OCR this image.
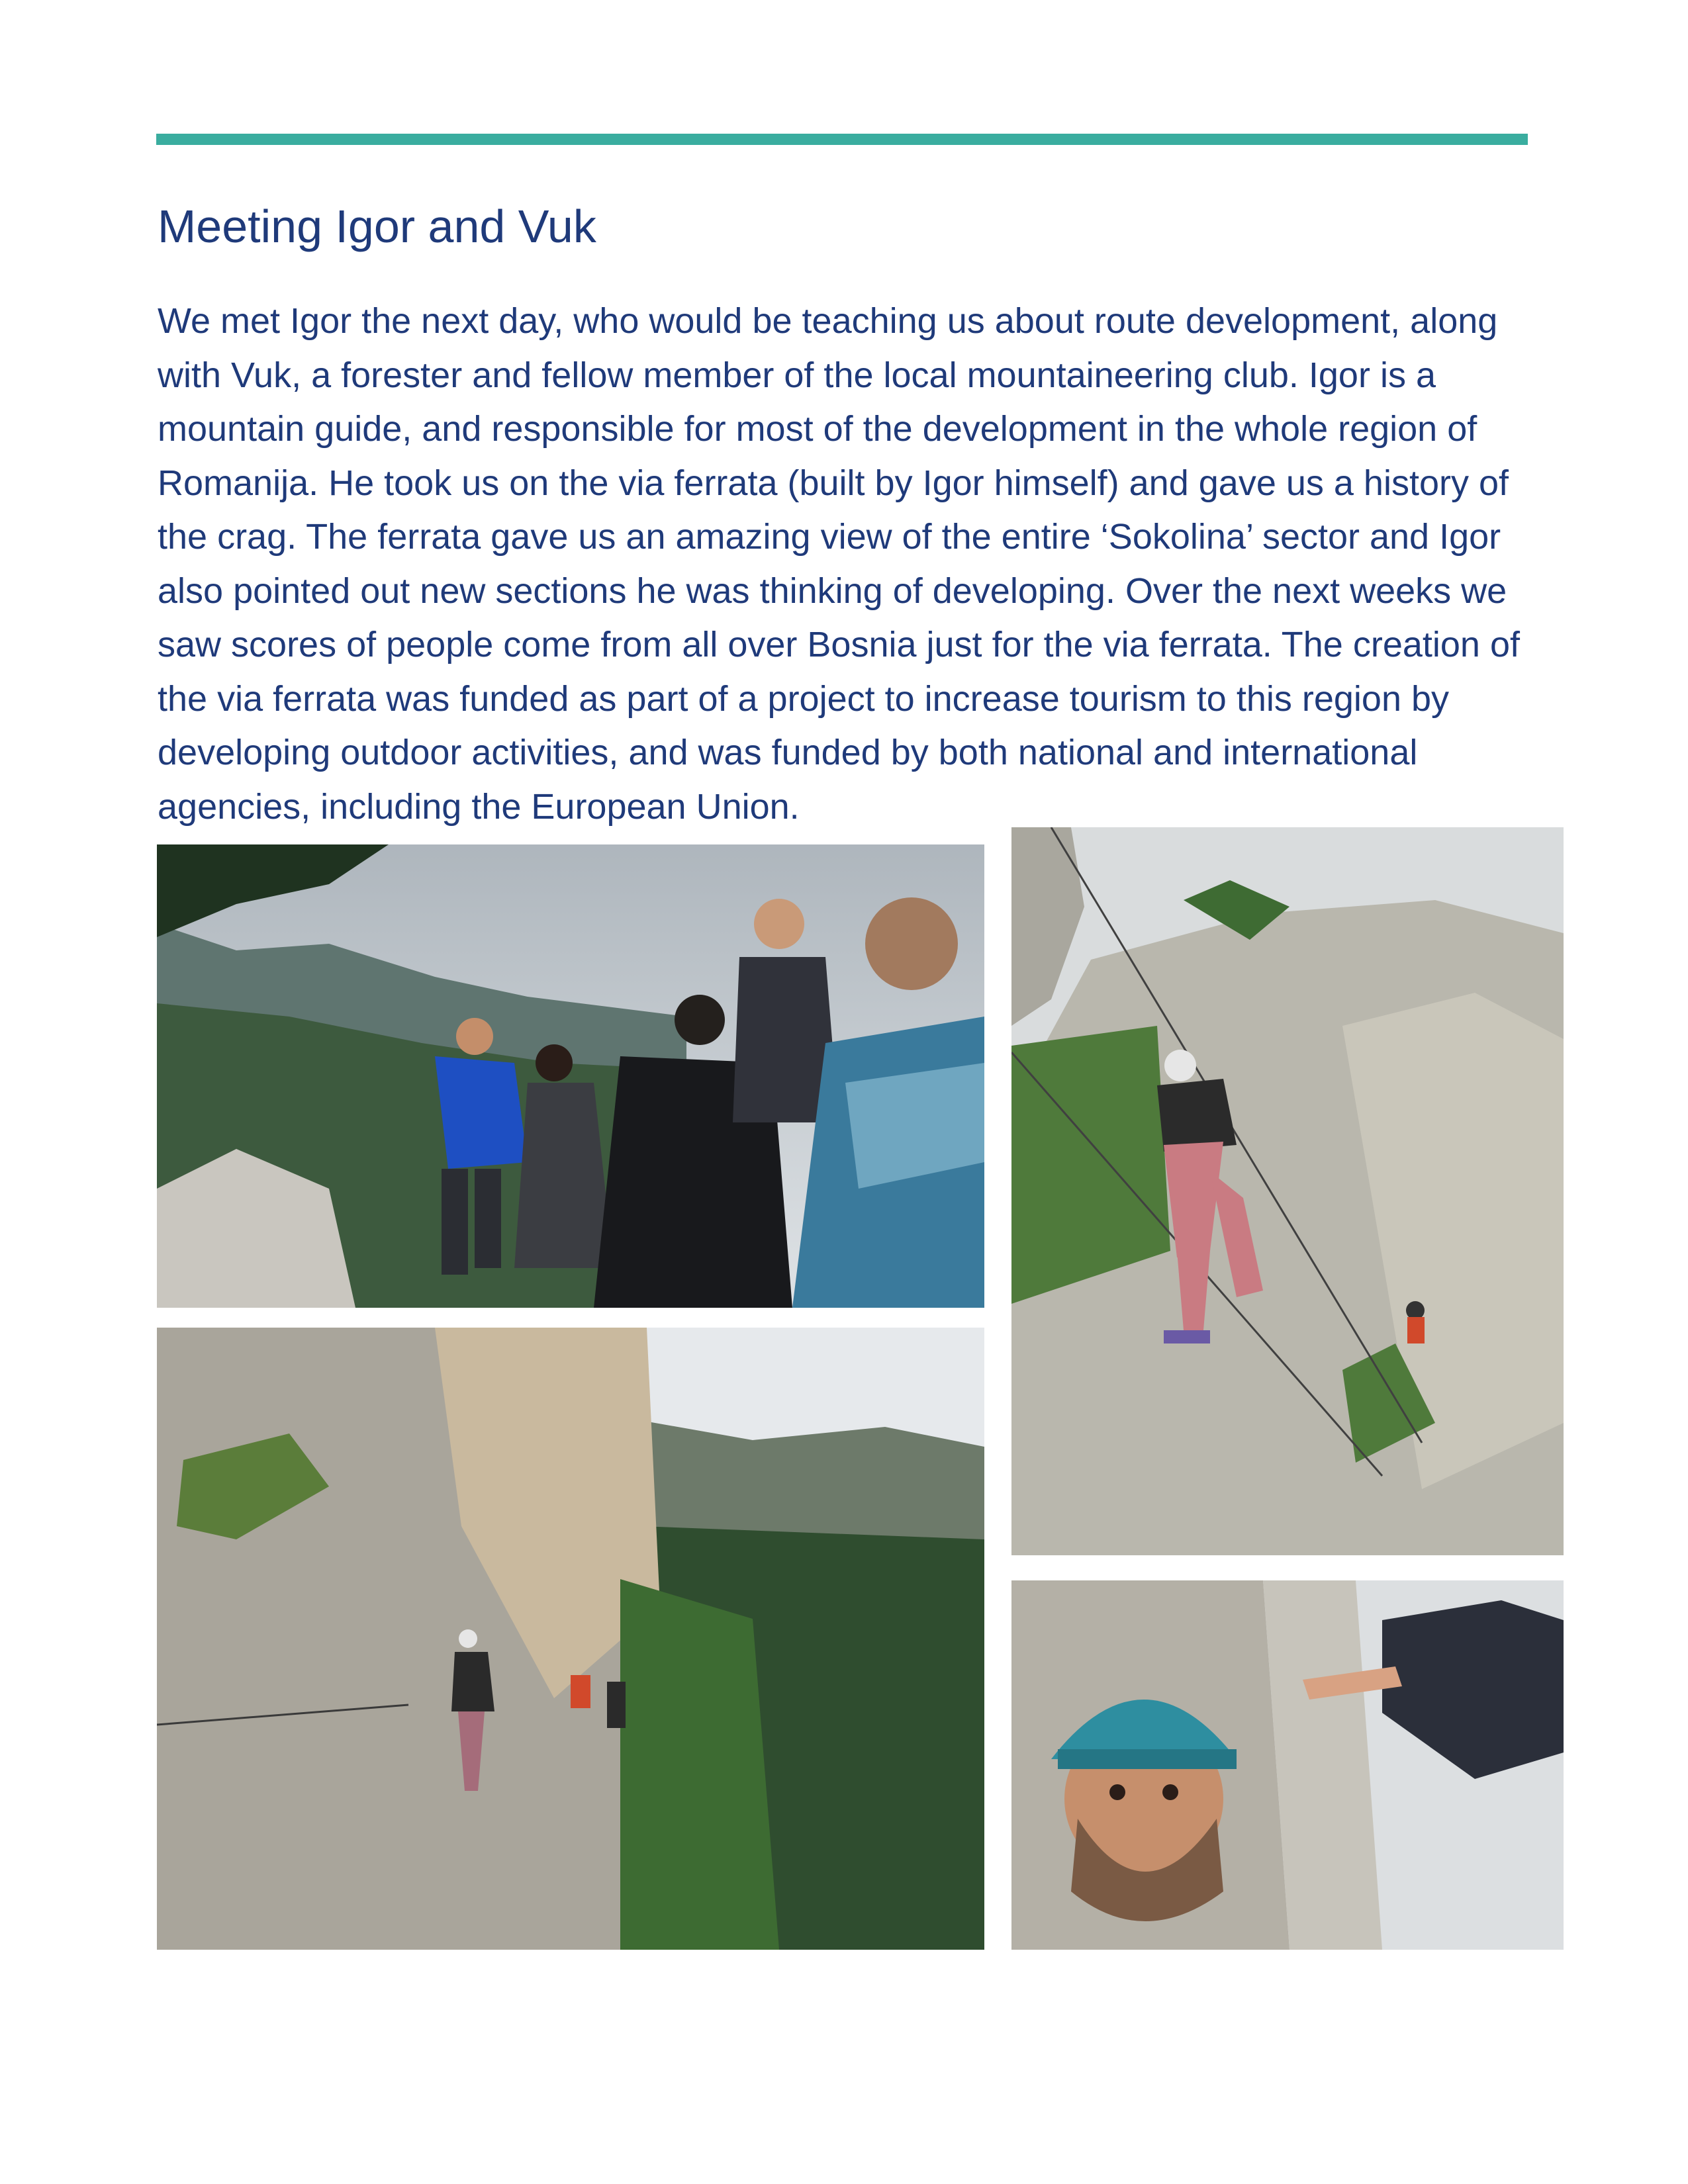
Meeting Igor and Vuk

We met Igor the next day, who would be teaching us about route development, along with Vuk, a forester and fellow member of the local mountaineering club. Igor is a mountain guide, and responsible for most of the development in the whole region of Romanija. He took us on the via ferrata (built by Igor himself) and gave us a history of the crag. The ferrata gave us an amazing view of the entire ‘Sokolina’ sector and Igor also pointed out new sections he was thinking of developing. Over the next weeks we saw scores of people come from all over Bosnia just for the via ferrata. The creation of the via ferrata was funded as part of a project to increase tourism to this region by developing outdoor activities, and was funded by both national and international agencies, including the European Union.
